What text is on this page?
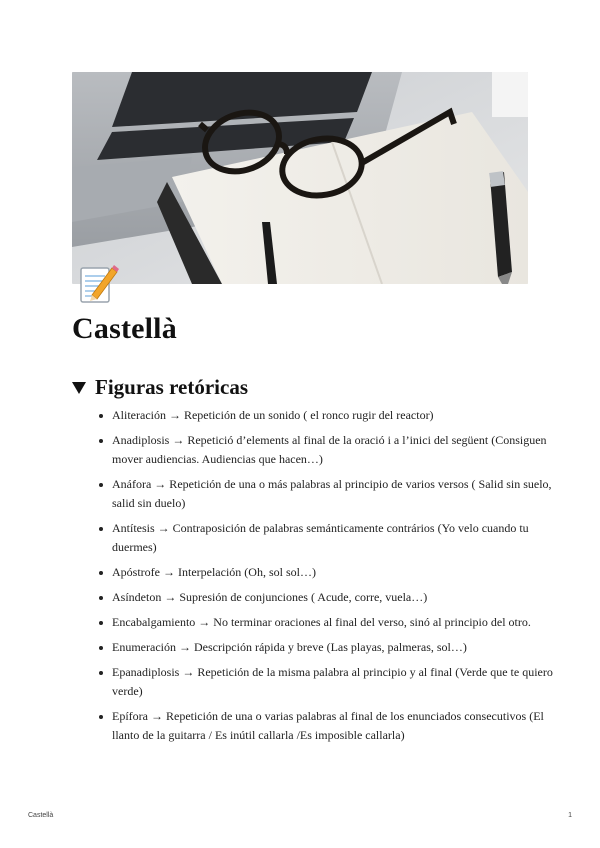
Castellà
Figuras retóricas
Aliteración → Repetición de un sonido ( el ronco rugir del reactor)
Anadiplosis → Repetició d’elements al final de la oració i a l’inici del següent (Consiguen mover audiencias. Audiencias que hacen…)
Anáfora → Repetición de una o más palabras al principio de varios versos ( Salid sin suelo, salid sin duelo)
Antítesis → Contraposición de palabras semánticamente contrários (Yo velo cuando tu duermes)
Apóstrofe → Interpelación (Oh, sol sol…)
Asíndeton → Supresión de conjunciones ( Acude, corre, vuela…)
Encabalgamiento → No terminar oraciones al final del verso, sinó al principio del otro.
Enumeración → Descripción rápida y breve (Las playas, palmeras, sol…)
Epanadiplosis → Repetición de la misma palabra al principio y al final (Verde que te quiero verde)
Epífora → Repetición de una o varias palabras al final de los enunciados consecutivos (El llanto de la guitarra / Es inútil callarla /Es imposible callarla)
Castellà	1
